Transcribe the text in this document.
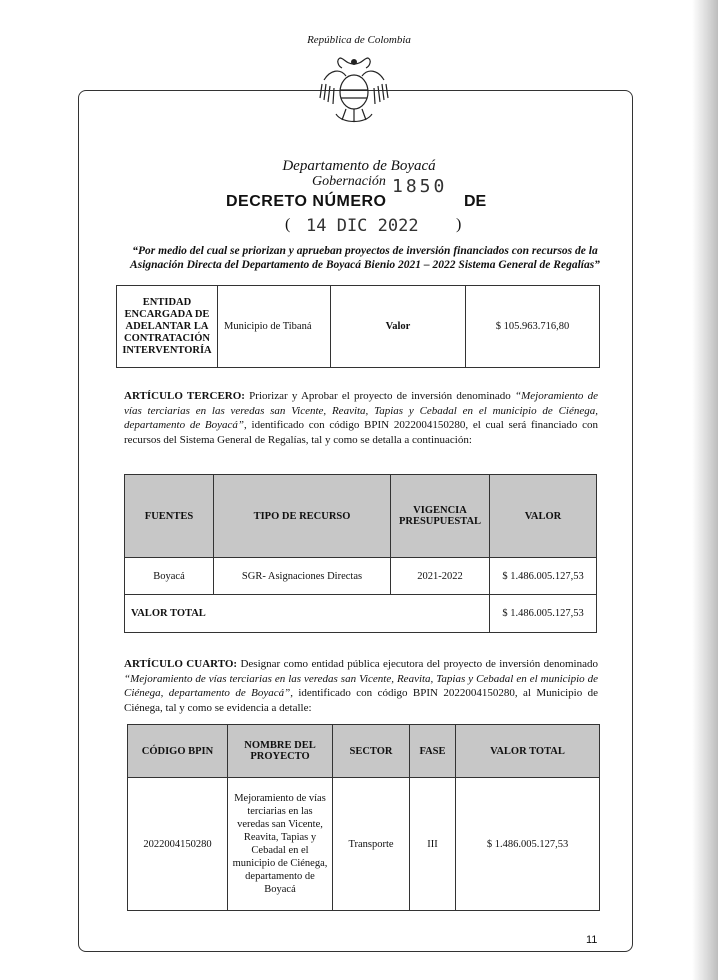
República de Colombia
Departamento de Boyacá
Gobernación 1850
DECRETO NÚMERO	DE
( 14 DIC 2022 )
“Por medio del cual se priorizan y aprueban proyectos de inversión financiados con recursos de la Asignación Directa del Departamento de Boyacá Bienio 2021 – 2022 Sistema General de Regalías”
ENTIDAD ENCARGADA DE ADELANTAR LA CONTRATACIÓN INTERVENTORÍA	Municipio de Tibaná	Valor	$ 105.963.716,80
ARTÍCULO TERCERO: Priorizar y Aprobar el proyecto de inversión denominado “Mejoramiento de vías terciarias en las veredas san Vicente, Reavita, Tapias y Cebadal en el municipio de Ciénega, departamento de Boyacá”, identificado con código BPIN 2022004150280, el cual será financiado con recursos del Sistema General de Regalías, tal y como se detalla a continuación:
FUENTES	TIPO DE RECURSO	VIGENCIA PRESUPUESTAL	VALOR
Boyacá	SGR- Asignaciones Directas	2021-2022	$ 1.486.005.127,53
VALOR TOTAL			$ 1.486.005.127,53
ARTÍCULO CUARTO: Designar como entidad pública ejecutora del proyecto de inversión denominado “Mejoramiento de vías terciarias en las veredas san Vicente, Reavita, Tapias y Cebadal en el municipio de Ciénega, departamento de Boyacá”, identificado con código BPIN 2022004150280, al Municipio de Ciénega, tal y como se evidencia a detalle:
CÓDIGO BPIN	NOMBRE DEL PROYECTO	SECTOR	FASE	VALOR TOTAL
2022004150280	Mejoramiento de vías terciarias en las veredas san Vicente, Reavita, Tapias y Cebadal en el municipio de Ciénega, departamento de Boyacá	Transporte	III	$ 1.486.005.127,53
11
